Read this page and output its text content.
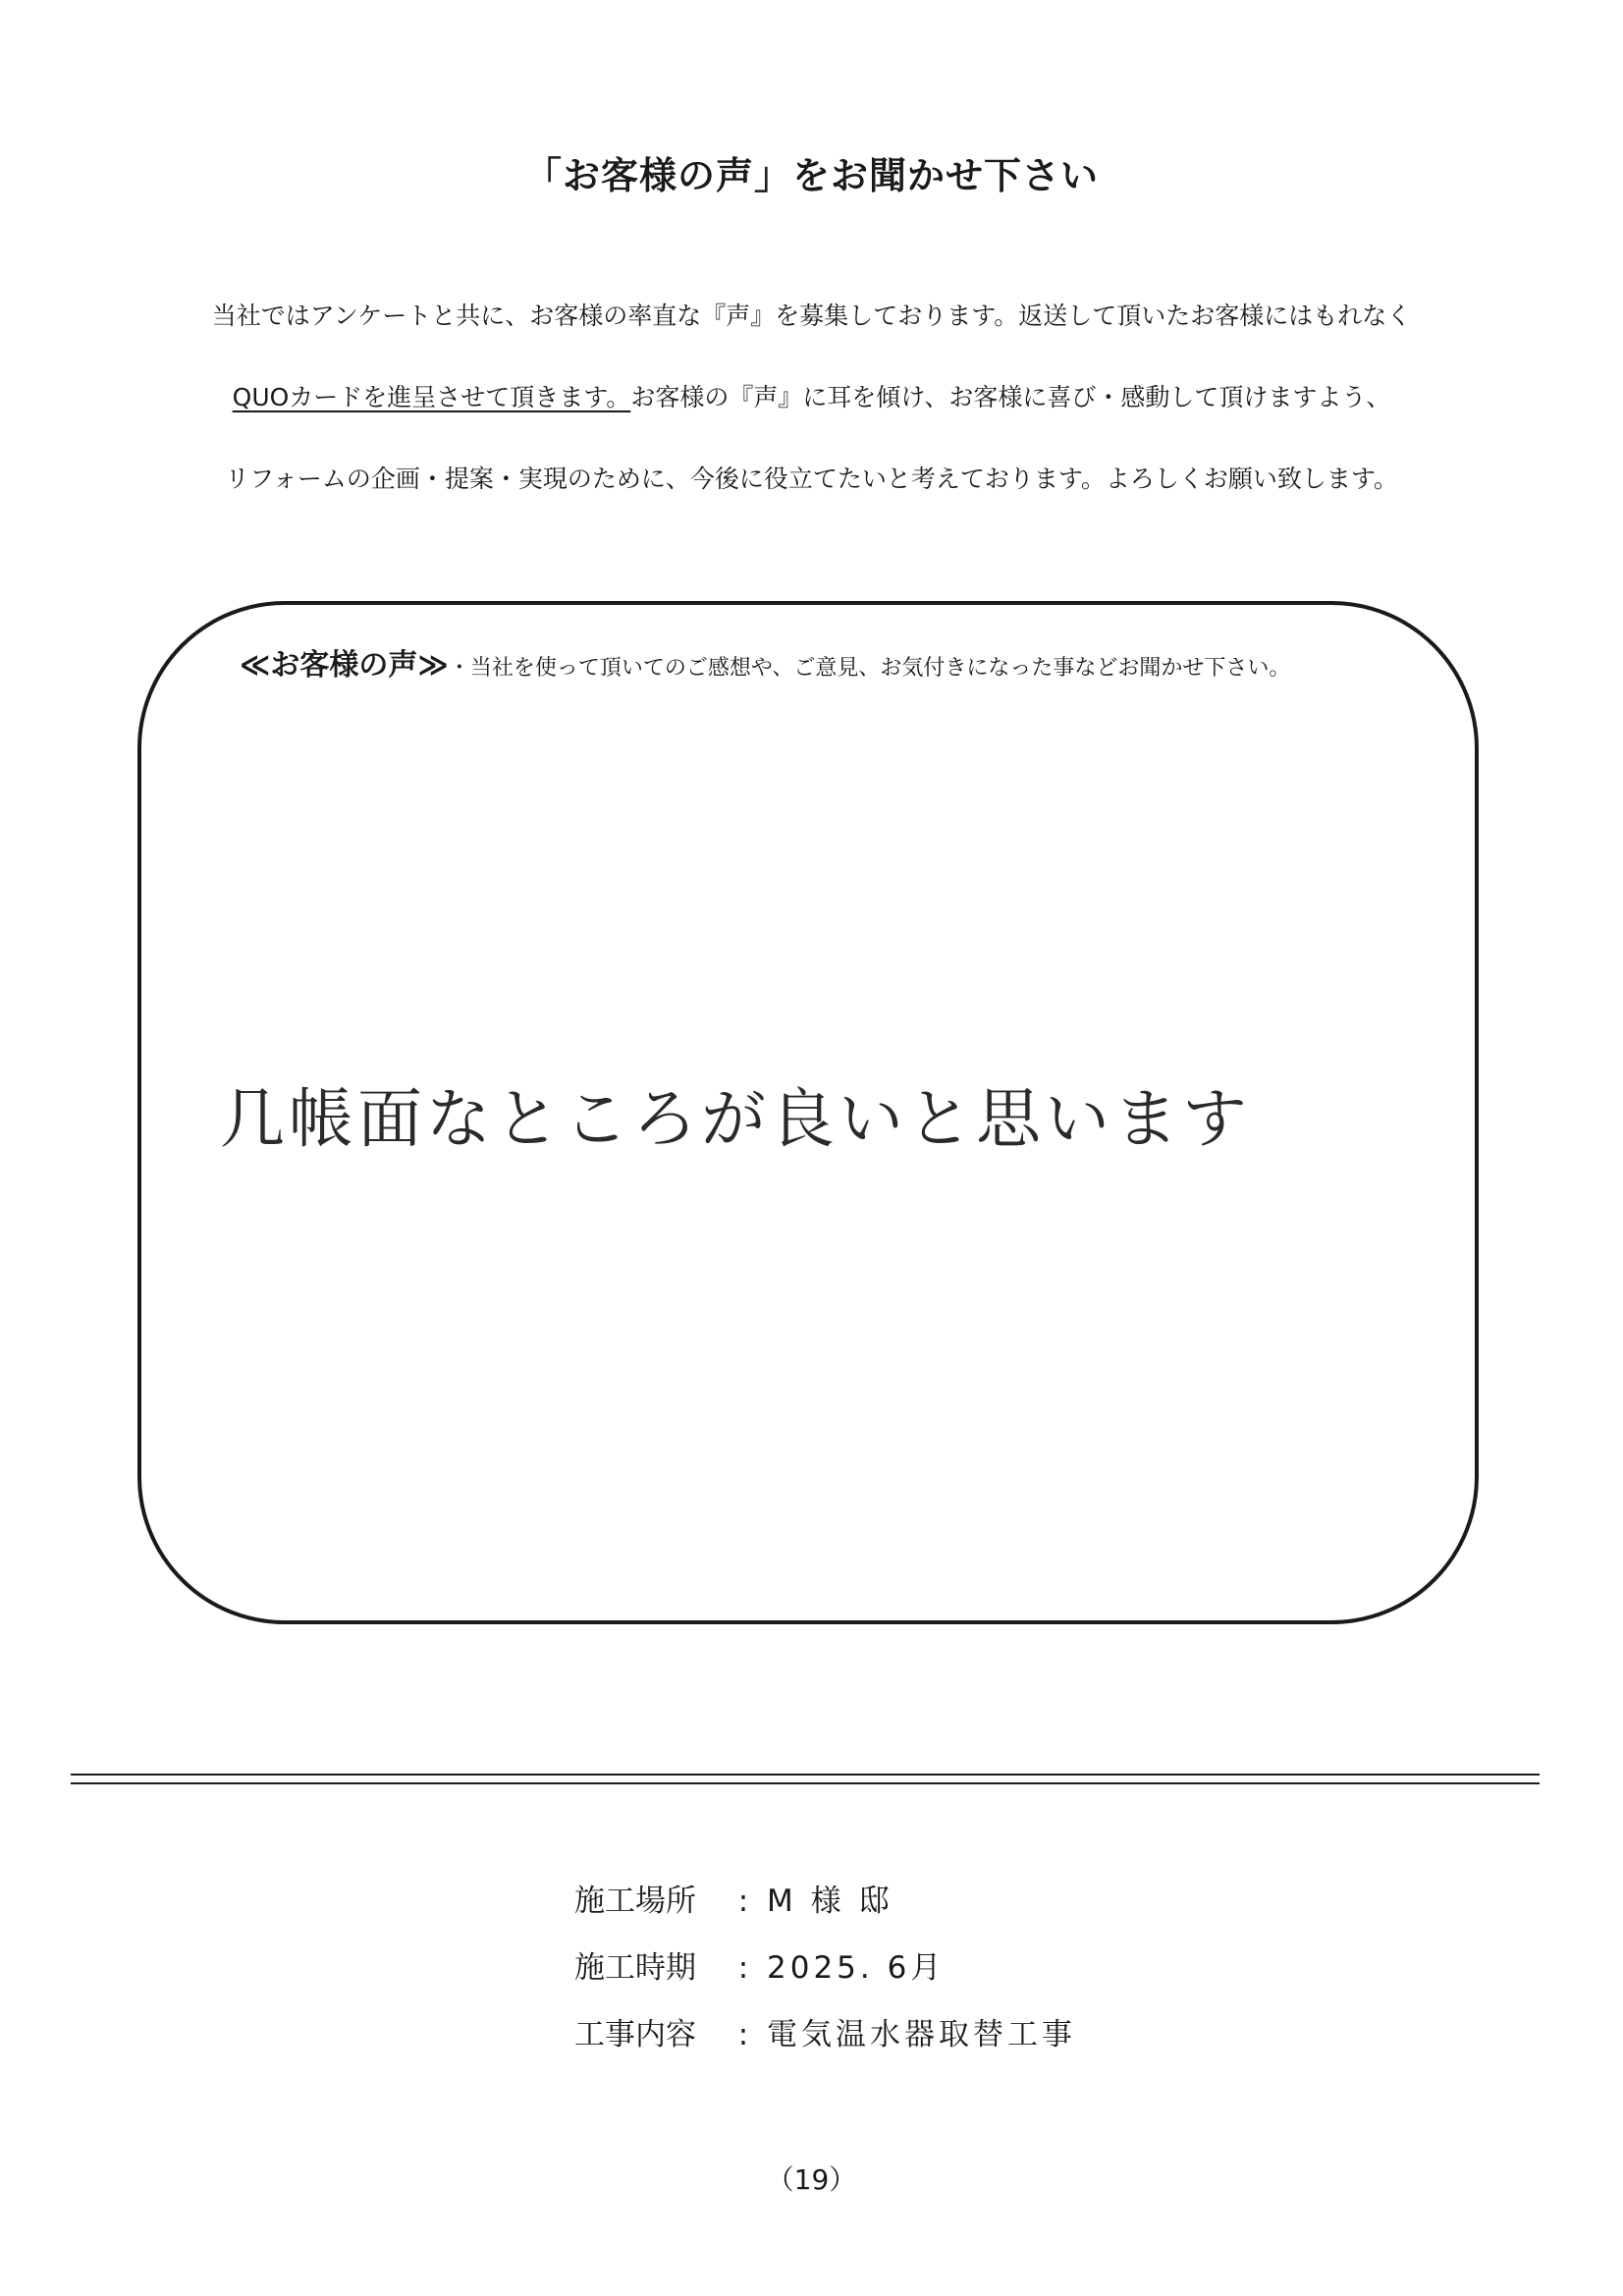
「お客様の声」をお聞かせ下さい
当社ではアンケートと共に、お客様の率直な『声』を募集しております。返送して頂いたお客様にはもれなく
QUOカードを進呈させて頂きます。お客様の『声』に耳を傾け、お客様に喜び・感動して頂けますよう、
リフォームの企画・提案・実現のために、今後に役立てたいと考えております。よろしくお願い致します。
≪お客様の声≫・当社を使って頂いてのご感想や、ご意見、お気付きになった事などお聞かせ下さい。
几帳面なところが良いと思います
施工場所 : M 様 邸
施工時期 : 2025. 6月
工事内容 : 電気温水器取替工事
（19）
